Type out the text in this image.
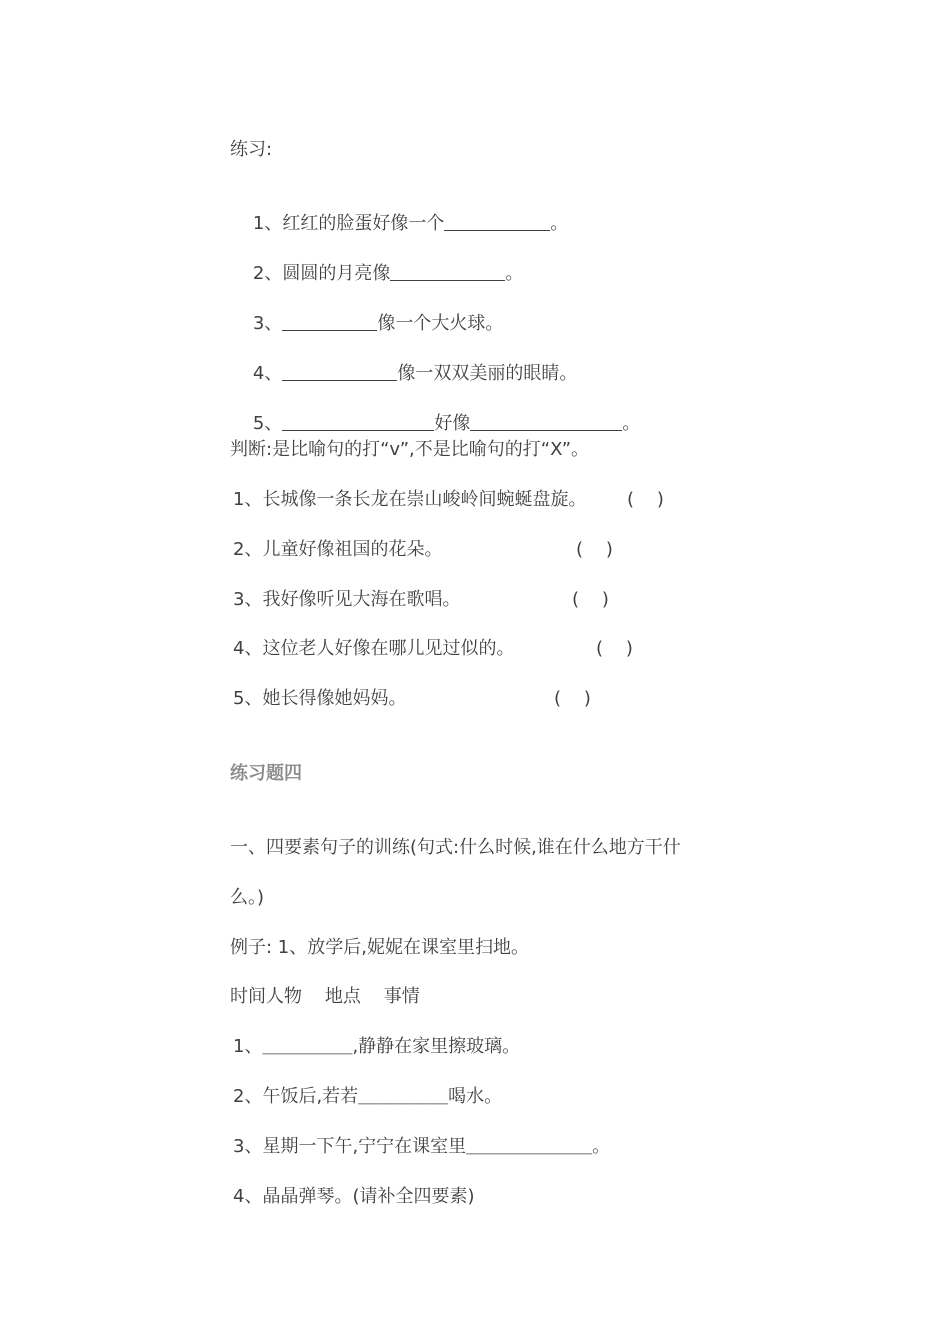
练习:

1、红红的脸蛋好像一个	。

2、圆圆的月亮像	。

3、	像一个大火球。

4、	像一双双美丽的眼睛。

5、	好像	。

判断:是比喻句的打“v”,不是比喻句的打“X”。
1、长城像一条长龙在崇山峻岭间蜿蜒盘旋。 (    )
2、儿童好像祖国的花朵。	(    )
3、我好像听见大海在歌唱。	(    )
4、这位老人好像在哪儿见过似的。	(    )
5、她长得像她妈妈。	(    )
练习题四
一、四要素句子的训练(句式:什么时候,谁在什么地方干什
么。)
例子: 1、放学后,妮妮在课室里扫地。
时间人物    地点    事情
1、＿＿＿＿＿,静静在家里擦玻璃。
2、午饭后,若若＿＿＿＿＿喝水。
3、星期一下午,宁宁在课室里＿＿＿＿＿＿＿。
4、晶晶弹琴。(请补全四要素)
